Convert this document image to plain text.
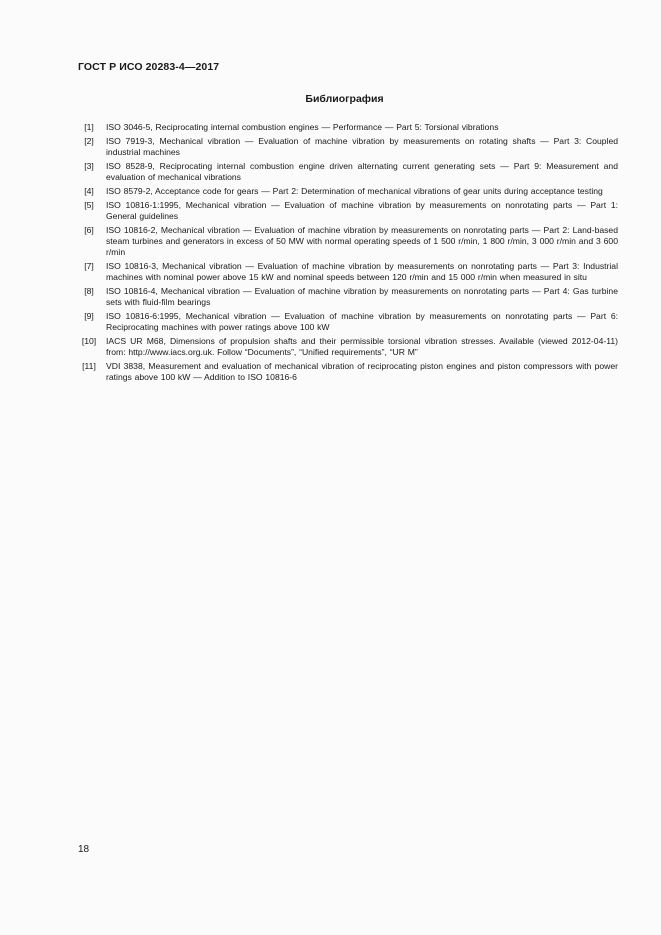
ГОСТ Р ИСО 20283-4—2017
Библиография
[1]	ISO 3046-5, Reciprocating internal combustion engines — Performance — Part 5: Torsional vibrations
[2]	ISO 7919-3, Mechanical vibration — Evaluation of machine vibration by measurements on rotating shafts — Part 3: Coupled industrial machines
[3]	ISO 8528-9, Reciprocating internal combustion engine driven alternating current generating sets — Part 9: Measurement and evaluation of mechanical vibrations
[4]	ISO 8579-2, Acceptance code for gears — Part 2: Determination of mechanical vibrations of gear units during acceptance testing
[5]	ISO 10816-1:1995, Mechanical vibration — Evaluation of machine vibration by measurements on nonrotating parts — Part 1: General guidelines
[6]	ISO 10816-2, Mechanical vibration — Evaluation of machine vibration by measurements on nonrotating parts — Part 2: Land-based steam turbines and generators in excess of 50 MW with normal operating speeds of 1 500 r/min, 1 800 r/min, 3 000 r/min and 3 600 r/min
[7]	ISO 10816-3, Mechanical vibration — Evaluation of machine vibration by measurements on nonrotating parts — Part 3: Industrial machines with nominal power above 15 kW and nominal speeds between 120 r/min and 15 000 r/min when measured in situ
[8]	ISO 10816-4, Mechanical vibration — Evaluation of machine vibration by measurements on nonrotating parts — Part 4: Gas turbine sets with fluid-film bearings
[9]	ISO 10816-6:1995, Mechanical vibration — Evaluation of machine vibration by measurements on nonrotating parts — Part 6: Reciprocating machines with power ratings above 100 kW
[10]	IACS UR M68, Dimensions of propulsion shafts and their permissible torsional vibration stresses. Available (viewed 2012-04-11) from: http://www.iacs.org.uk. Follow “Documents”, “Unified requirements”, “UR M”
[11]	VDI 3838, Measurement and evaluation of mechanical vibration of reciprocating piston engines and piston compressors with power ratings above 100 kW — Addition to ISO 10816-6
18
